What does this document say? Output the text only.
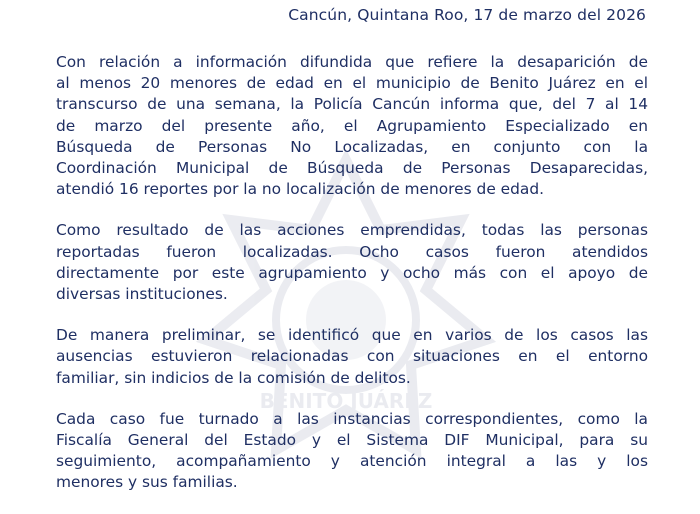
BENITO JUÁREZ
Cancún, Quintana Roo, 17 de marzo del 2026

Con relación a información difundida que refiere la desaparición de
al menos 20 menores de edad en el municipio de Benito Juárez en el
transcurso de una semana, la Policía Cancún informa que, del 7 al 14
de marzo del presente año, el Agrupamiento Especializado en
Búsqueda de Personas No Localizadas, en conjunto con la
Coordinación Municipal de Búsqueda de Personas Desaparecidas,
atendió 16 reportes por la no localización de menores de edad.

Como resultado de las acciones emprendidas, todas las personas
reportadas fueron localizadas. Ocho casos fueron atendidos
directamente por este agrupamiento y ocho más con el apoyo de
diversas instituciones.

De manera preliminar, se identificó que en varios de los casos las
ausencias estuvieron relacionadas con situaciones en el entorno
familiar, sin indicios de la comisión de delitos.

Cada caso fue turnado a las instancias correspondientes, como la
Fiscalía General del Estado y el Sistema DIF Municipal, para su
seguimiento, acompañamiento y atención integral a las y los
menores y sus familias.
